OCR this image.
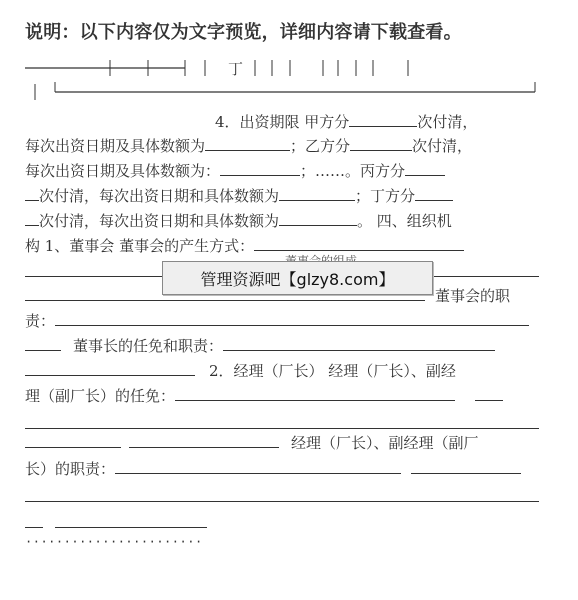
说明：以下内容仅为文字预览，详细内容请下载查看。
丁
4．出资期限 甲方分	次付清，
每次出资日期及具体数额为	；乙方分	次付清，
每次出资日期及具体数额为：	；……。丙方分
次付清，每次出资日期和具体数额为	；丁方分
次付清，每次出资日期和具体数额为	。 四、组织机
构 1、董事会 董事会的产生方式：
管理资源吧【glzy8.com】
董事会的职
责：
董事长的任免和职责：
2．经理（厂长） 经理（厂长）、副经
理（副厂长）的任免：
经理（厂长）、副经理（副厂
长）的职责：
·······················
